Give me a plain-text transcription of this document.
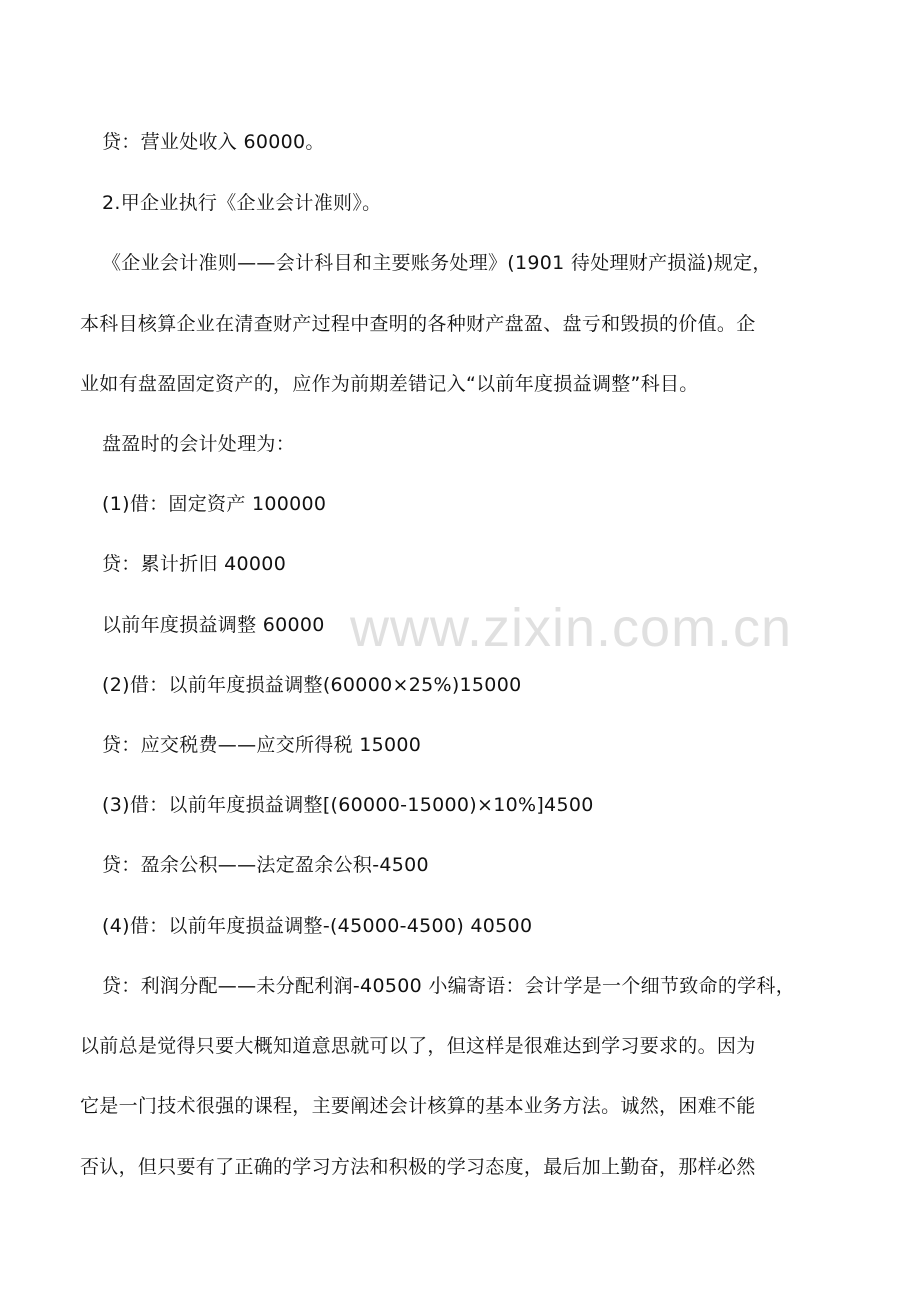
www.zixin.com.cn
贷：营业处收入 60000。
2.甲企业执行《企业会计准则》。
《企业会计准则——会计科目和主要账务处理》(1901 待处理财产损溢)规定，
本科目核算企业在清查财产过程中查明的各种财产盘盈、盘亏和毁损的价值。企
业如有盘盈固定资产的，应作为前期差错记入“以前年度损益调整”科目。
盘盈时的会计处理为：
(1)借：固定资产 100000
贷：累计折旧 40000
以前年度损益调整 60000
(2)借：以前年度损益调整(60000×25%)15000
贷：应交税费——应交所得税 15000
(3)借：以前年度损益调整[(60000-15000)×10%]4500
贷：盈余公积——法定盈余公积-4500
(4)借：以前年度损益调整-(45000-4500) 40500
贷：利润分配——未分配利润-40500 小编寄语：会计学是一个细节致命的学科，
以前总是觉得只要大概知道意思就可以了，但这样是很难达到学习要求的。因为
它是一门技术很强的课程，主要阐述会计核算的基本业务方法。诚然，困难不能
否认，但只要有了正确的学习方法和积极的学习态度，最后加上勤奋，那样必然
